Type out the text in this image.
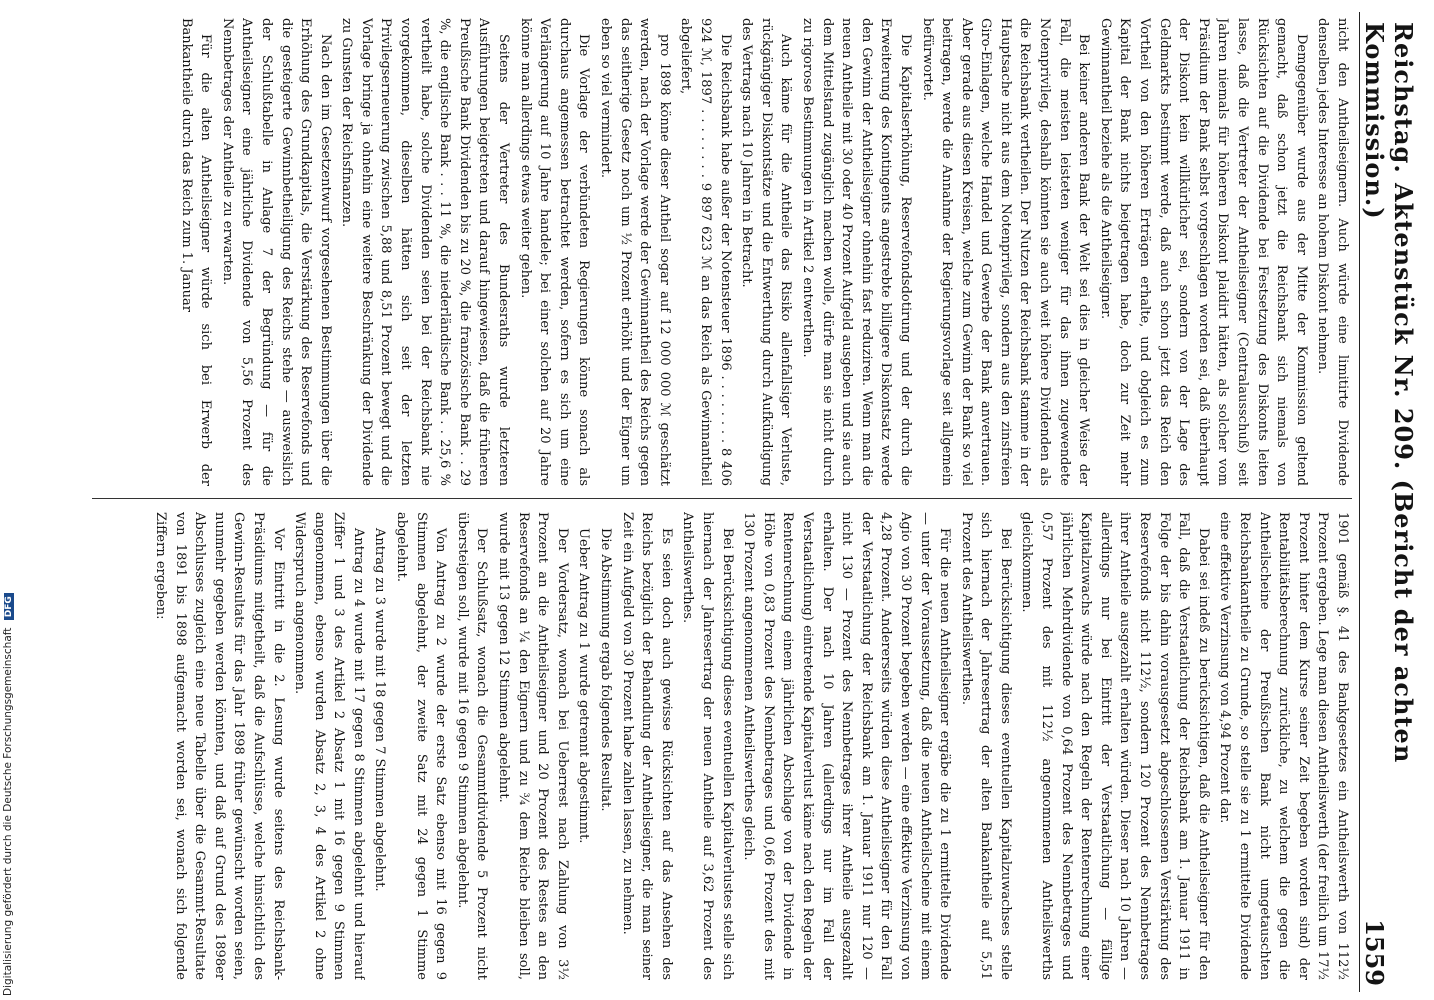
Reichstag. Aktenstück Nr. 209. (Bericht der achten Kommission.)
1559

nicht den Antheilseignern. Auch würde eine limitirte Dividende denselben jedes Interesse an hohem Diskont nehmen.

Demgegenüber wurde aus der Mitte der Kommission geltend gemacht, daß schon jetzt die Reichsbank sich niemals von Rücksichten auf die Dividende bei Festsetzung des Diskonts leiten lasse, daß die Vertreter der Antheilseigner (Centralausschuß) seit Jahren niemals für höheren Diskont plaidirt hätten, als solcher vom Präsidium der Bank selbst vorgeschlagen worden sei, daß überhaupt der Diskont kein willkürlicher sei, sondern von der Lage des Geldmarkts bestimmt werde, daß auch schon jetzt das Reich den Vortheil von den höheren Erträgen erhalte, und obgleich es zum Kapital der Bank nichts beigetragen habe, doch zur Zeit mehr Gewinnantheil beziehe als die Antheilseigner.

Bei keiner anderen Bank der Welt sei dies in gleicher Weise der Fall, die meisten leisteten weniger für das ihnen zugewendete Notenprivileg, deshalb könnten sie auch weit höhere Dividenden als die Reichsbank vertheilen. Der Nutzen der Reichsbank stamme in der Hauptsache nicht aus dem Notenprivileg, sondern aus den zinsfreien Giro-Einlagen, welche Handel und Gewerbe der Bank anvertrauen. Aber gerade aus diesen Kreisen, welche zum Gewinn der Bank so viel beitragen, werde die Annahme der Regierungsvorlage seit allgemein befürwortet.

Die Kapitalserhöhung, Reservefondsdotirung und der durch die Erweiterung des Kontingents angestrebte billigere Diskontsatz werde den Gewinn der Antheilseigner ohnehin fast reduziren. Wenn man die neuen Antheile mit 30 oder 40 Prozent Aufgeld ausgeben und sie auch dem Mittelstand zugänglich machen wolle, dürfe man sie nicht durch zu rigorose Bestimmungen in Artikel 2 entwerthen.

Auch käme für die Antheile das Risiko allenfallsiger Verluste, rückgängiger Diskontsätze und die Entwerthung durch Aufkündigung des Vertrags nach 10 Jahren in Betracht.

Die Reichsbank habe außer der Notensteuer 1896 . . . . . . . . 8 406 924 ℳ, 1897 . . . . . . . . 9 897 623 ℳ an das Reich als Gewinnantheil abgeliefert,

pro 1898 könne dieser Antheil sogar auf 12 000 000 ℳ geschätzt werden, nach der Vorlage werde der Gewinnantheil des Reichs gegen das seitherige Gesetz noch um ½ Prozent erhöht und der Eigner um eben so viel vermindert.

Die Vorlage der verbündeten Regierungen könne sonach als durchaus angemessen betrachtet werden, sofern es sich um eine Verlängerung auf 10 Jahre handele; bei einer solchen auf 20 Jahre könne man allerdings etwas weiter gehen.

Seitens der Vertreter des Bundesraths wurde letzteren Ausführungen beigetreten und darauf hingewiesen, daß die früheren Preußische Bank Dividenden bis zu 20 %, die französische Bank . . 29 %, die englische Bank . . . 11 %, die niederländische Bank . . 25,6 % vertheilt habe, solche Dividenden seien bei der Reichsbank nie vorgekommen, dieselben hätten sich seit der letzten Privilegserneuerung zwischen 5,88 und 8,51 Prozent bewegt und die Vorlage bringe ja ohnehin eine weitere Beschränkung der Dividende zu Gunsten der Reichsfinanzen.

Nach den im Gesetzentwurf vorgesehenen Bestimmungen über die Erhöhung des Grundkapitals, die Verstärkung des Reservefonds und die gesteigerte Gewinnbetheiligung des Reichs stehe — ausweislich der Schlußtabelle in Anlage 7 der Begründung — für die Antheilseigner eine jährliche Dividende von 5,56 Prozent des Nennbetrages der Antheile zu erwarten.

Für die alten Antheilseigner würde sich bei Erwerb der Bankantheile durch das Reich zum 1. Januar

1901 gemäß §. 41 des Bankgesetzes ein Antheilswerth von 112½ Prozent ergeben. Lege man diesen Antheilswerth (der freilich um 17½ Prozent hinter dem Kurse seiner Zeit begeben worden sind) der Rentabilitätsberechnung zurückliche, zu welchem die gegen die Antheilscheine der Preußischen Bank nicht umgetauschten Reichsbankantheile zu Grunde, so stelle sie zu 1 ermittelte Dividende eine effektive Verzinsung von 4,94 Prozent dar.

Dabei sei indeß zu berücksichtigen, daß die Antheilseigner für den Fall, daß die Verstaatlichung der Reichsbank am 1. Januar 1911 in Folge der bis dahin vorausgesetzt abgeschlossenen Verstärkung des Reservefonds nicht 112½, sondern 120 Prozent des Nennbetrages ihrer Antheile ausgezahlt erhalten würden. Dieser nach 10 Jahren — allerdings nur bei Eintritt der Verstaatlichung — fällige Kapitalzuwachs würde nach den Regeln der Rentenrechnung einer jährlichen Mehrdividende von 0,64 Prozent des Nennbetrages und 0,57 Prozent des mit 112½ angenommenen Antheilswerths gleichkommen.

Bei Berücksichtigung dieses eventuellen Kapitalzuwachses stelle sich hiernach der Jahresertrag der alten Bankantheile auf 5,51 Prozent des Antheilswerthes.

Für die neuen Antheilseigner ergäbe die zu 1 ermittelte Dividende — unter der Voraussetzung, daß die neuen Antheilscheine mit einem Agio von 30 Prozent begeben werden — eine effektive Verzinsung von 4,28 Prozent. Andererseits würden diese Antheilseigner für den Fall der Verstaatlichung der Reichsbank am 1. Januar 1911 nur 120 — nicht 130 — Prozent des Nennbetrages ihrer Antheile ausgezahlt erhalten. Der nach 10 Jahren (allerdings nur im Fall der Verstaatlichung) eintretende Kapitalverlust käme nach den Regeln der Rentenrechnung einem jährlichen Abschlage von der Dividende in Höhe von 0,83 Prozent des Nennbetrages und 0,66 Prozent des mit 130 Prozent angenommenen Antheilswerthes gleich.

Bei Berücksichtigung dieses eventuellen Kapitalverlustes stelle sich hiernach der Jahresertrag der neuen Antheile auf 3,62 Prozent des Antheilswerthes.

Es seien doch auch gewisse Rücksichten auf das Ansehen des Reichs bezüglich der Behandlung der Antheilseigner, die man seiner Zeit ein Aufgeld von 30 Prozent habe zahlen lassen, zu nehmen.

Die Abstimmung ergab folgendes Resultat.

Ueber Antrag zu 1 wurde getrennt abgestimmt.

Der Vordersatz, wonach bei Ueberrest nach Zahlung von 3½ Prozent an die Antheilseigner und 20 Prozent des Restes an den Reservefonds an ¼ den Eignern und zu ¾ dem Reiche bleiben soll, wurde mit 13 gegen 12 Stimmen abgelehnt.

Der Schlußsatz, wonach die Gesammtdividende 5 Prozent nicht übersteigen soll, wurde mit 16 gegen 9 Stimmen abgelehnt.

Von Antrag zu 2 wurde der erste Satz ebenso mit 16 gegen 9 Stimmen abgelehnt, der zweite Satz mit 24 gegen 1 Stimme abgelehnt.

Antrag zu 3 wurde mit 18 gegen 7 Stimmen abgelehnt.

Antrag zu 4 wurde mit 17 gegen 8 Stimmen abgelehnt und hierauf Ziffer 1 und 3 des Artikel 2 Absatz 1 mit 16 gegen 9 Stimmen angenommen, ebenso wurden Absatz 2, 3, 4 des Artikel 2 ohne Widerspruch angenommen.

Vor Eintritt in die 2. Lesung wurde seitens des Reichsbank-Präsidiums mitgetheilt, daß die Aufschlüsse, welche hinsichtlich des Gewinn-Resultats für das Jahr 1898 früher gewünscht worden seien, nunmehr gegeben werden könnten, und daß auf Grund des 1898er Abschlusses zugleich eine neue Tabelle über die Gesammt-Resultate von 1891 bis 1898 aufgemacht worden sei, wonach sich folgende Ziffern ergeben:

Digitalisierung gefördert durch die Deutsche Forschungsgemeinschaft DFG
